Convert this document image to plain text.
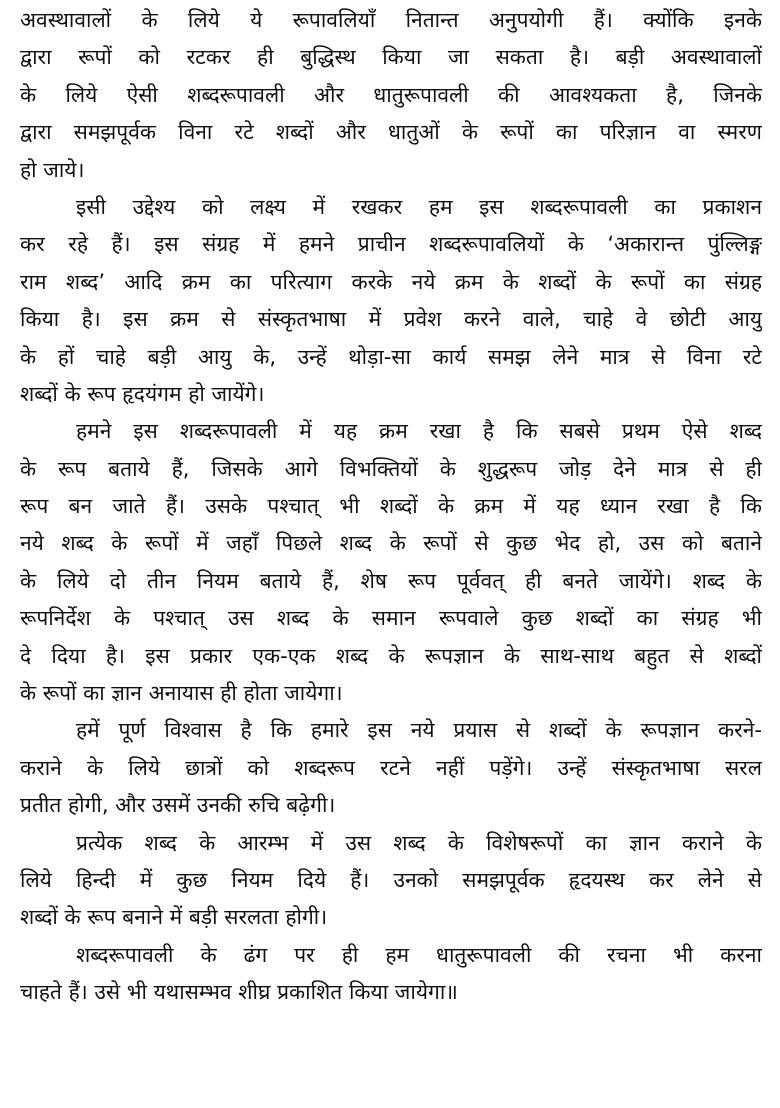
अवस्थावालों के लिये ये रूपावलियाँ नितान्त अनुपयोगी हैं। क्योंकि इनके
द्वारा रूपों को रटकर ही बुद्धिस्थ किया जा सकता है। बड़ी अवस्थावालों
के लिये ऐसी शब्दरूपावली और धातुरूपावली की आवश्यकता है, जिनके
द्वारा समझपूर्वक विना रटे शब्दों और धातुओं के रूपों का परिज्ञान वा स्मरण
हो जाये।
इसी उद्देश्य को लक्ष्य में रखकर हम इस शब्दरूपावली का प्रकाशन
कर रहे हैं। इस संग्रह में हमने प्राचीन शब्दरूपावलियों के ‘अकारान्त पुंल्लिङ्ग
राम शब्द’ आदि क्रम का परित्याग करके नये क्रम के शब्दों के रूपों का संग्रह
किया है। इस क्रम से संस्कृतभाषा में प्रवेश करने वाले, चाहे वे छोटी आयु
के हों चाहे बड़ी आयु के, उन्हें थोड़ा-सा कार्य समझ लेने मात्र से विना रटे
शब्दों के रूप हृदयंगम हो जायेंगे।
हमने इस शब्दरूपावली में यह क्रम रखा है कि सबसे प्रथम ऐसे शब्द
के रूप बताये हैं, जिसके आगे विभक्तियों के शुद्धरूप जोड़ देने मात्र से ही
रूप बन जाते हैं। उसके पश्चात् भी शब्दों के क्रम में यह ध्यान रखा है कि
नये शब्द के रूपों में जहाँ पिछले शब्द के रूपों से कुछ भेद हो, उस को बताने
के लिये दो तीन नियम बताये हैं, शेष रूप पूर्ववत् ही बनते जायेंगे। शब्द के
रूपनिर्देश के पश्चात् उस शब्द के समान रूपवाले कुछ शब्दों का संग्रह भी
दे दिया है। इस प्रकार एक-एक शब्द के रूपज्ञान के साथ-साथ बहुत से शब्दों
के रूपों का ज्ञान अनायास ही होता जायेगा।
हमें पूर्ण विश्वास है कि हमारे इस नये प्रयास से शब्दों के रूपज्ञान करने-
कराने के लिये छात्रों को शब्दरूप रटने नहीं पड़ेंगे। उन्हें संस्कृतभाषा सरल
प्रतीत होगी, और उसमें उनकी रुचि बढ़ेगी।
प्रत्येक शब्द के आरम्भ में उस शब्द के विशेषरूपों का ज्ञान कराने के
लिये हिन्दी में कुछ नियम दिये हैं। उनको समझपूर्वक हृदयस्थ कर लेने से
शब्दों के रूप बनाने में बड़ी सरलता होगी।
शब्दरूपावली के ढंग पर ही हम धातुरूपावली की रचना भी करना
चाहते हैं। उसे भी यथासम्भव शीघ्र प्रकाशित किया जायेगा॥
